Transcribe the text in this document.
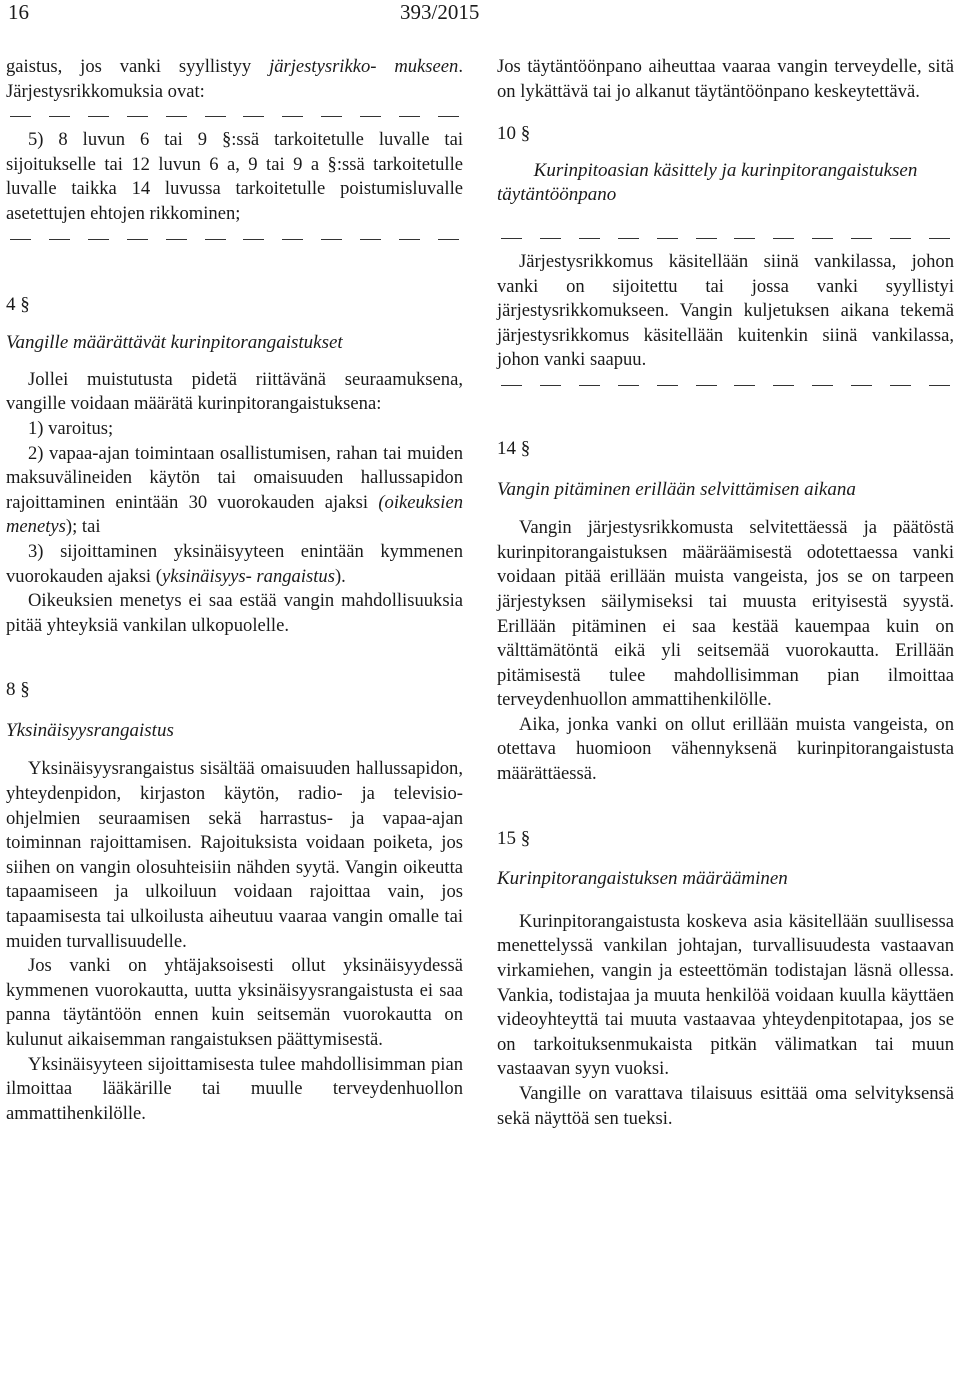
16	393/2015

gaistus, jos vanki syyllistyy järjestysrikko- mukseen. Järjestysrikkomuksia ovat:

5) 8 luvun 6 tai 9 §:ssä tarkoitetulle luvalle tai sijoitukselle tai 12 luvun 6 a, 9 tai 9 a §:ssä tarkoitetulle luvalle taikka 14 luvussa tarkoitetulle poistumisluvalle asetettujen ehtojen rikkominen;

4 §

Vangille määrättävät kurinpitorangaistukset

Jollei muistutusta pidetä riittävänä seuraamuksena, vangille voidaan määrätä kurinpitorangaistuksena:

1) varoitus;

2) vapaa-ajan toimintaan osallistumisen, rahan tai muiden maksuvälineiden käytön tai omaisuuden hallussapidon rajoittaminen enintään 30 vuorokauden ajaksi (oikeuksien menetys); tai

3) sijoittaminen yksinäisyyteen enintään kymmenen vuorokauden ajaksi (yksinäisyys- rangaistus).

Oikeuksien menetys ei saa estää vangin mahdollisuuksia pitää yhteyksiä vankilan ulkopuolelle.

8 §

Yksinäisyysrangaistus

Yksinäisyysrangaistus sisältää omaisuuden hallussapidon, yhteydenpidon, kirjaston käytön, radio- ja televisio-ohjelmien seuraamisen sekä harrastus- ja vapaa-ajan toiminnan rajoittamisen. Rajoituksista voidaan poiketa, jos siihen on vangin olosuhteisiin nähden syytä. Vangin oikeutta tapaamiseen ja ulkoiluun voidaan rajoittaa vain, jos tapaamisesta tai ulkoilusta aiheutuu vaaraa vangin omalle tai muiden turvallisuudelle.

Jos vanki on yhtäjaksoisesti ollut yksinäisyydessä kymmenen vuorokautta, uutta yksinäisyysrangaistusta ei saa panna täytäntöön ennen kuin seitsemän vuorokautta on kulunut aikaisemman rangaistuksen päättymisestä.

Yksinäisyyteen sijoittamisesta tulee mahdollisimman pian ilmoittaa lääkärille tai muulle terveydenhuollon ammattihenkilölle.

Jos täytäntöönpano aiheuttaa vaaraa vangin terveydelle, sitä on lykättävä tai jo alkanut täytäntöönpano keskeytettävä.

10 §

Kurinpitoasian käsittely ja kurinpitorangaistuksen täytäntöönpano

Järjestysrikkomus käsitellään siinä vankilassa, johon vanki on sijoitettu tai jossa vanki syyllistyi järjestysrikkomukseen. Vangin kuljetuksen aikana tekemä järjestysrikkomus käsitellään kuitenkin siinä vankilassa, johon vanki saapuu.

14 §

Vangin pitäminen erillään selvittämisen aikana

Vangin järjestysrikkomusta selvitettäessä ja päätöstä kurinpitorangaistuksen määräämisestä odotettaessa vanki voidaan pitää erillään muista vangeista, jos se on tarpeen järjestyksen säilymiseksi tai muusta erityisestä syystä. Erillään pitäminen ei saa kestää kauempaa kuin on välttämätöntä eikä yli seitsemää vuorokautta. Erillään pitämisestä tulee mahdollisimman pian ilmoittaa terveydenhuollon ammattihenkilölle.

Aika, jonka vanki on ollut erillään muista vangeista, on otettava huomioon vähennyksenä kurinpitorangaistusta määrättäessä.

15 §

Kurinpitorangaistuksen määrääminen

Kurinpitorangaistusta koskeva asia käsitellään suullisessa menettelyssä vankilan johtajan, turvallisuudesta vastaavan virkamiehen, vangin ja esteettömän todistajan läsnä ollessa. Vankia, todistajaa ja muuta henkilöä voidaan kuulla käyttäen videoyhteyttä tai muuta vastaavaa yhteydenpitotapaa, jos se on tarkoituksenmukaista pitkän välimatkan tai muun vastaavan syyn vuoksi.

Vangille on varattava tilaisuus esittää oma selvityksensä sekä näyttöä sen tueksi.
